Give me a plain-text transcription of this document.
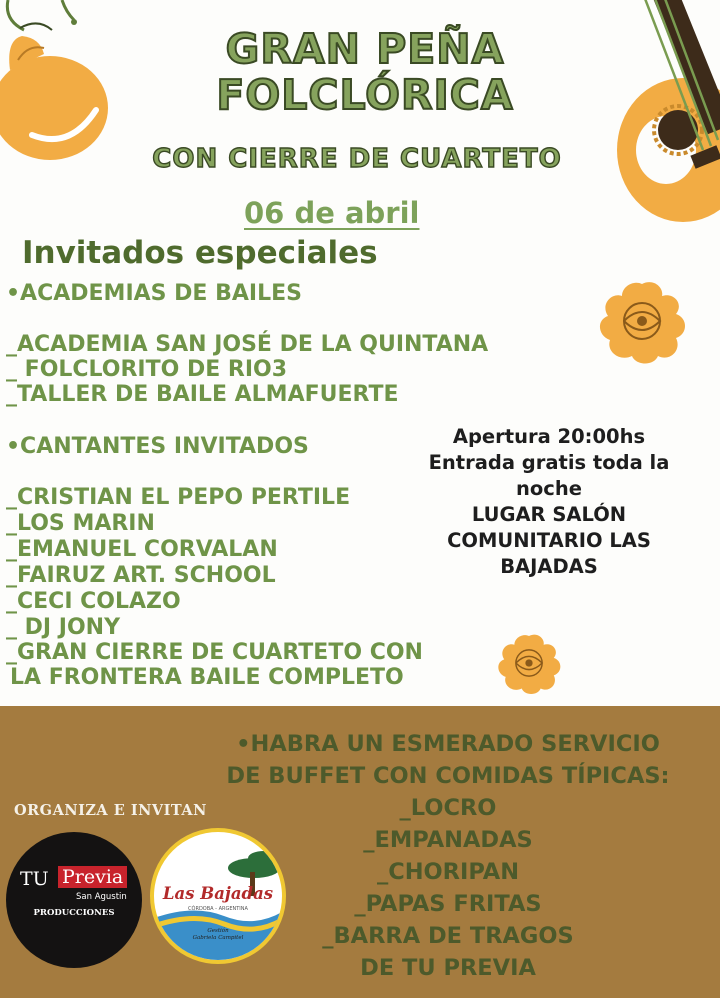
GRAN PEÑA
FOLCLÓRICA
CON CIERRE DE CUARTETO
06 de abril
Invitados especiales
•ACADEMIAS DE BAILES
_ACADEMIA SAN JOSÉ DE LA QUINTANA
_ FOLCLORITO DE RIO3
_TALLER DE BAILE ALMAFUERTE
•CANTANTES INVITADOS
_CRISTIAN EL PEPO PERTILE
_LOS MARIN
_EMANUEL CORVALAN
_FAIRUZ ART. SCHOOL
_CECI COLAZO
_ DJ JONY
_GRAN CIERRE DE CUARTETO CON
LA FRONTERA BAILE COMPLETO
Apertura 20:00hs
Entrada gratis toda la
noche
LUGAR SALÓN
COMUNITARIO LAS
BAJADAS
•HABRA UN ESMERADO SERVICIO
DE BUFFET CON COMIDAS TÍPICAS:
_LOCRO
_EMPANADAS
_CHORIPAN
_PAPAS FRITAS
_BARRA DE TRAGOS
DE TU PREVIA
ORGANIZA E INVITAN
TU Previa
San Agustin
PRODUCCIONES
Las Bajadas
CÓRDOBA - ARGENTINA
Gestión
Gabriela Campitel
